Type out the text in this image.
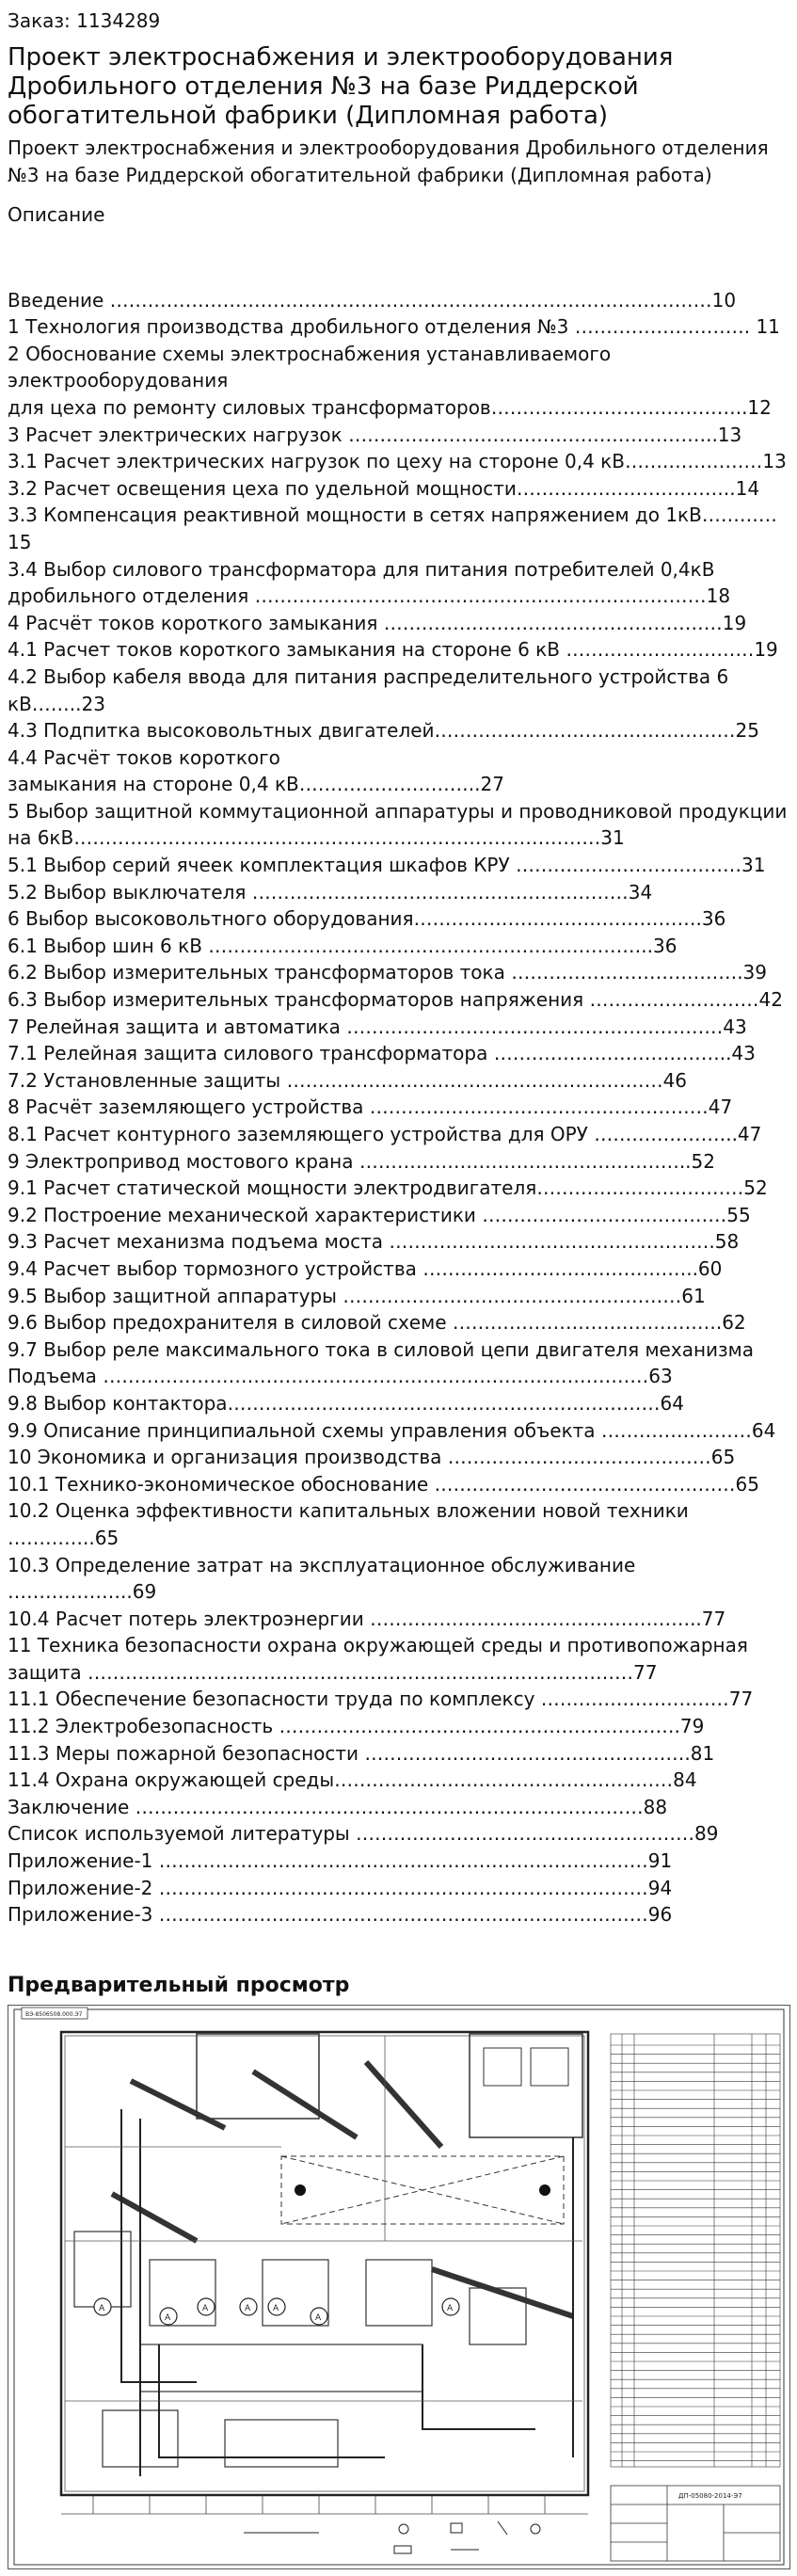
Заказ: 1134289
Проект электроснабжения и электрооборудования Дробильного отделения №3 на базе Риддерской обогатительной фабрики (Дипломная работа)

Проект электроснабжения и электрооборудования Дробильного отделения №3 на базе Риддерской обогатительной фабрики (Дипломная работа)

Описание

Введение ……………………………………………………………………………………10
1 Технология производства дробильного отделения №3 ………………………. 11
2 Обоснование схемы электроснабжения устанавливаемого электрооборудования
для цеха по ремонту силовых трансформаторов…………………………………..12
3 Расчет электрических нагрузок …………………………………………………..13
3.1 Расчет электрических нагрузок по цеху на стороне 0,4 кВ…….……………13
3.2 Расчет освещения цеха по удельной мощности……………………………..14
3.3 Компенсация реактивной мощности в сетях напряжением до 1кВ…………15
3.4 Выбор силового трансформатора для питания потребителей 0,4кВ дробильного отделения ………………………………………………………………18
4 Расчёт токов короткого замыкания ………………………………………………19
4.1 Расчет токов короткого замыкания на стороне 6 кВ …………………………19
4.2 Выбор кабеля ввода для питания распределительного устройства 6 кВ……..23
4.3 Подпитка высоковольтных двигателей…………………………………………25
4.4 Расчёт токов короткого
замыкания на стороне 0,4 кВ………………………..27
5 Выбор защитной коммутационной аппаратуры и проводниковой продукции на 6кВ…………………………………………………………………………31
5.1 Выбор серий ячеек комплектация шкафов КРУ ………………………………31
5.2 Выбор выключателя ……………………………………………………34
6 Выбор высоковольтного оборудования……………………………………….36
6.1 Выбор шин 6 кВ ……………………………………………………………..36
6.2 Выбор измерительных трансформаторов тока ……………………………….39
6.3 Выбор измерительных трансформаторов напряжения ………………………42
7 Релейная защита и автоматика ……………………………………………………43
7.1 Релейная защита силового трансформатора ………………………………..43
7.2 Установленные защиты ……………………………………………………46
8 Расчёт заземляющего устройства ………………………………………………47
8.1 Расчет контурного заземляющего устройства для ОРУ …………………..47
9 Электропривод мостового крана ……………………………………………..52
9.1 Расчет статической мощности электродвигателя……………………………52
9.2 Построение механической характеристики …………………………………55
9.3 Расчет механизма подъема моста …………………………………………….58
9.4 Расчет выбор тормозного устройства ……………………………………..60
9.5 Выбор защитной аппаратуры ………………………………………………61
9.6 Выбор предохранителя в силовой схеме …………………………………….62
9.7 Выбор реле максимального тока в силовой цепи двигателя механизма Подъема ……………………………………………………………………………63
9.8 Выбор контактора……………………………………………………………64
9.9 Описание принципиальной схемы управления объекта ……………………64
10 Экономика и организация производства ……………………………………65
10.1 Технико-экономическое обоснование …………………………………………65
10.2 Оценка эффективности капитальных вложении новой техники …………..65
10.3 Определение затрат на эксплуатационное обслуживание ………………..69
10.4 Расчет потерь электроэнергии ……………………………………………..77
11 Техника безопасности охрана окружающей среды и противопожарная защита ……………………………………………………………………………77
11.1 Обеспечение безопасности труда по комплексу …………………………77
11.2 Электробезопасность ……………………………………………………….79
11.3 Меры пожарной безопасности …………………………………………….81
11.4 Охрана окружающей среды………………………………………………84
Заключение ………………………………………………………………………88
Список используемой литературы ………………………………………………89
Приложение-1 ……………………………………………………………………91
Приложение-2 ……………………………………………………………………94
Приложение-3 ……………………………………………………………………96
Предварительный просмотр
ВЭ-8506508.000.Э7
A
A
A	A
A
A
A
ДП-05080-2014-Э7
